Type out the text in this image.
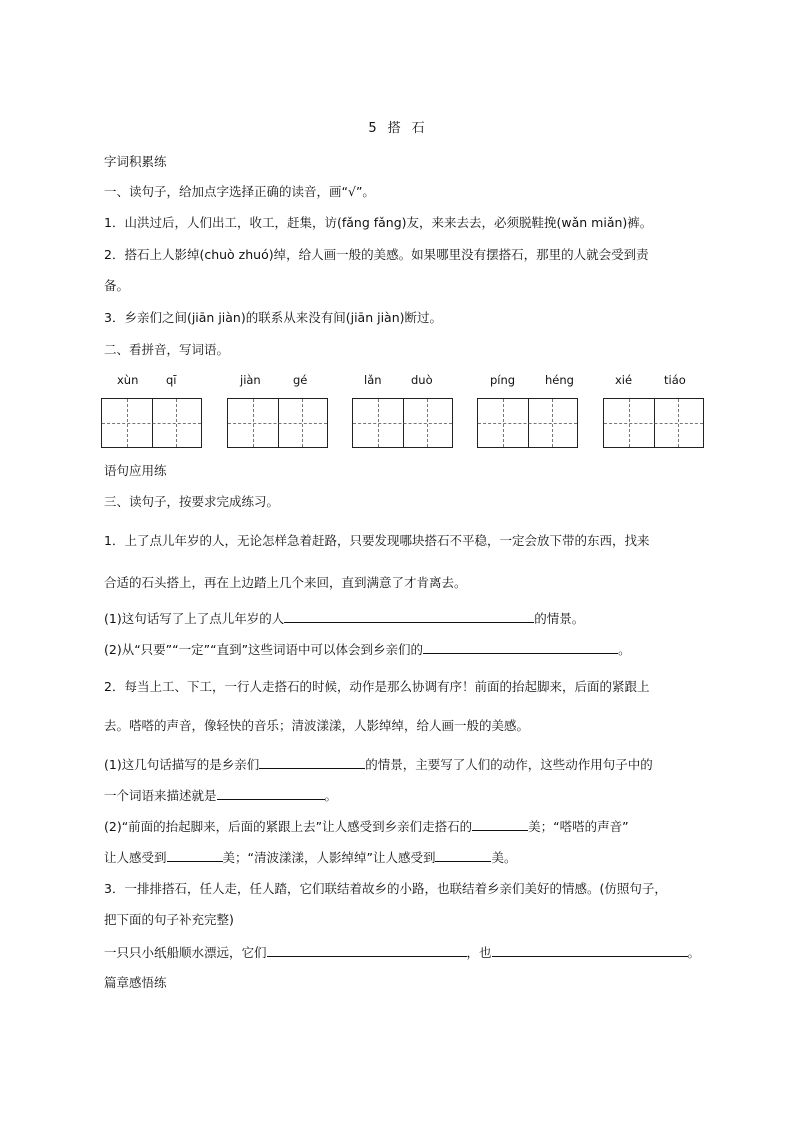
5 搭 石
字词积累练
一、读句子，给加点字选择正确的读音，画“√”。
1．山洪过后，人们出工，收工，赶集，访(fǎng fǎng)友，来来去去，必须脱鞋挽(wǎn miǎn)裤。
2．搭石上人影绰(chuò zhuó)绰，给人画一般的美感。如果哪里没有摆搭石，那里的人就会受到责
备。
3．乡亲们之间(jiān jiàn)的联系从来没有间(jiān jiàn)断过。
二、看拼音，写词语。
xùn qī	jiàn	gé	lǎn	duò	píng	héng	xié	tiáo
语句应用练
三、读句子，按要求完成练习。
1．上了点儿年岁的人，无论怎样急着赶路，只要发现哪块搭石不平稳，一定会放下带的东西，找来
合适的石头搭上，再在上边踏上几个来回，直到满意了才肯离去。
(1)这句话写了上了点儿年岁的人	的情景。
(2)从“只要”“一定”“直到”这些词语中可以体会到乡亲们的	。
2．每当上工、下工，一行人走搭石的时候，动作是那么协调有序！前面的抬起脚来，后面的紧跟上
去。嗒嗒的声音，像轻快的音乐；清波漾漾，人影绰绰，给人画一般的美感。
(1)这几句话描写的是乡亲们	的情景，主要写了人们的动作，这些动作用句子中的
一个词语来描述就是	。
(2)“前面的抬起脚来，后面的紧跟上去”让人感受到乡亲们走搭石的	美；“嗒嗒的声音”
让人感受到	美；“清波漾漾，人影绰绰”让人感受到	美。
3．一排排搭石，任人走，任人踏，它们联结着故乡的小路，也联结着乡亲们美好的情感。(仿照句子，
把下面的句子补充完整)
一只只小纸船顺水漂远，它们	，也	。
篇章感悟练
